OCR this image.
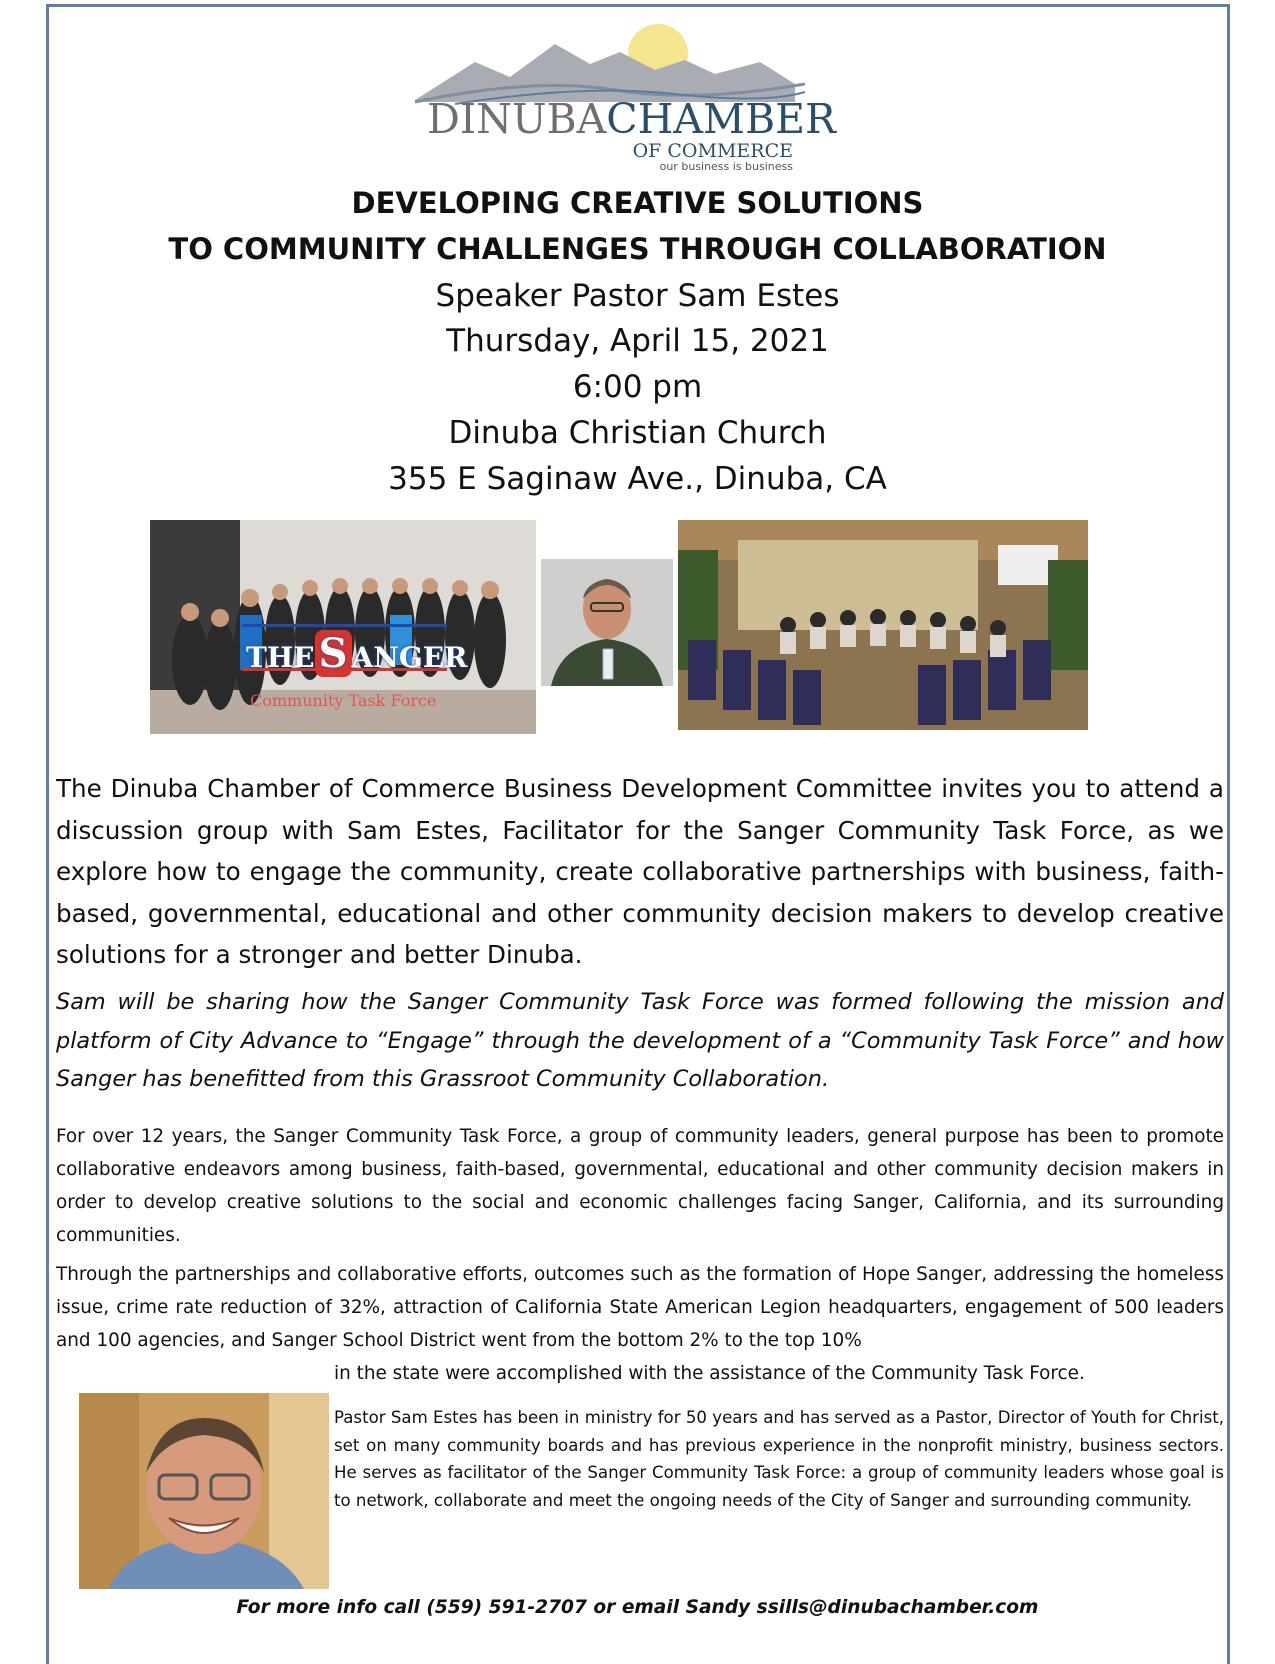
DINUBACHAMBER
OF COMMERCE
our business is business
DEVELOPING CREATIVE SOLUTIONS
TO COMMUNITY CHALLENGES THROUGH COLLABORATION
Speaker Pastor Sam Estes
Thursday, April 15, 2021
6:00 pm
Dinuba Christian Church
355 E Saginaw Ave., Dinuba, CA
THE S ANGER
Community Task Force
The Dinuba Chamber of Commerce Business Development Committee invites you to attend a discussion group with Sam Estes, Facilitator for the Sanger Community Task Force, as we explore how to engage the community, create collaborative partnerships with business, faith-based, governmental, educational and other community decision makers to develop creative solutions for a stronger and better Dinuba.
Sam will be sharing how the Sanger Community Task Force was formed following the mission and platform of City Advance to “Engage” through the development of a “Community Task Force” and how Sanger has benefitted from this Grassroot Community Collaboration.
For over 12 years, the Sanger Community Task Force, a group of community leaders, general purpose has been to promote collaborative endeavors among business, faith-based, governmental, educational and other community decision makers in order to develop creative solutions to the social and economic challenges facing Sanger, California, and its surrounding communities.
Through the partnerships and collaborative efforts, outcomes such as the formation of Hope Sanger, addressing the homeless issue, crime rate reduction of 32%, attraction of California State American Legion headquarters, engagement of 500 leaders and 100 agencies, and Sanger School District went from the bottom 2% to the top 10%
in the state were accomplished with the assistance of the Community Task Force.
Pastor Sam Estes has been in ministry for 50 years and has served as a Pastor, Director of Youth for Christ, set on many community boards and has previous experience in the nonprofit ministry, business sectors. He serves as facilitator of the Sanger Community Task Force: a group of community leaders whose goal is to network, collaborate and meet the ongoing needs of the City of Sanger and surrounding community.
For more info call (559) 591-2707 or email Sandy ssills@dinubachamber.com
